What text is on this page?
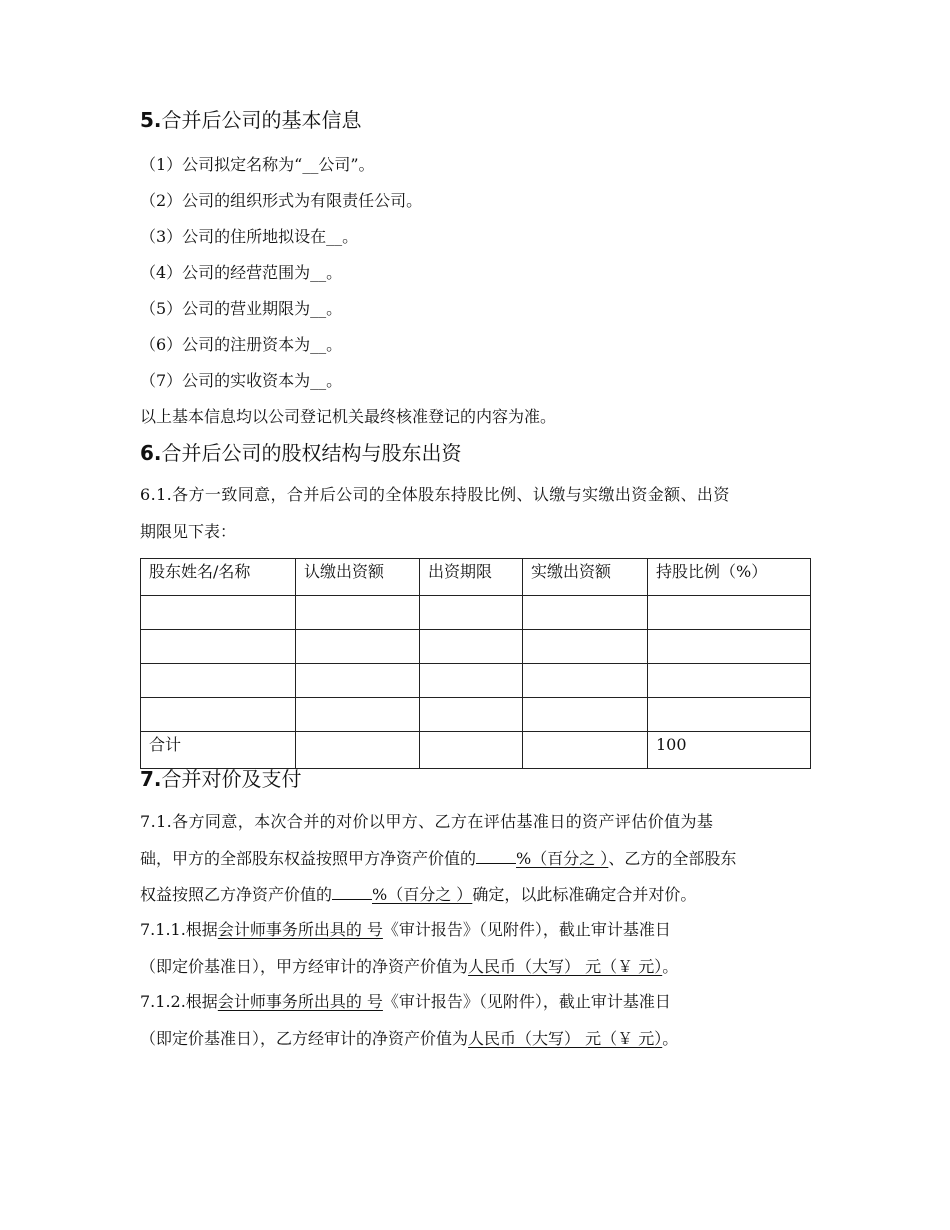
5.合并后公司的基本信息
（1）公司拟定名称为“__公司”。
（2）公司的组织形式为有限责任公司。
（3）公司的住所地拟设在__。
（4）公司的经营范围为__。
（5）公司的营业期限为__。
（6）公司的注册资本为__。
（7）公司的实收资本为__。
以上基本信息均以公司登记机关最终核准登记的内容为准。
6.合并后公司的股权结构与股东出资
6.1.各方一致同意，合并后公司的全体股东持股比例、认缴与实缴出资金额、出资
期限见下表：
股东姓名/名称	认缴出资额	出资期限	实缴出资额	持股比例（%）

合计				100
7.合并对价及支付
7.1.各方同意，本次合并的对价以甲方、乙方在评估基准日的资产评估价值为基
础，甲方的全部股东权益按照甲方净资产价值的	%（百分之 ）、乙方的全部股东
权益按照乙方净资产价值的	%（百分之 ）确定，以此标准确定合并对价。
7.1.1.根据会计师事务所出具的 号《审计报告》（见附件），截止审计基准日
（即定价基准日），甲方经审计的净资产价值为人民币（大写） 元（￥ 元）。
7.1.2.根据会计师事务所出具的 号《审计报告》（见附件），截止审计基准日
（即定价基准日），乙方经审计的净资产价值为人民币（大写） 元（￥ 元）。
